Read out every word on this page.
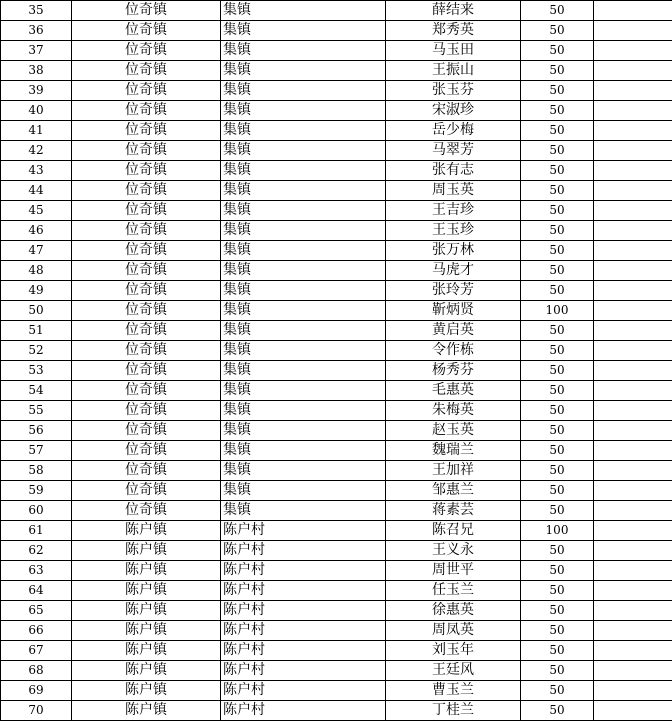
35	位奇镇	集镇	薛结来	50	
36	位奇镇	集镇	郑秀英	50	
37	位奇镇	集镇	马玉田	50	
38	位奇镇	集镇	王振山	50	
39	位奇镇	集镇	张玉芬	50	
40	位奇镇	集镇	宋淑珍	50	
41	位奇镇	集镇	岳少梅	50	
42	位奇镇	集镇	马翠芳	50	
43	位奇镇	集镇	张有志	50	
44	位奇镇	集镇	周玉英	50	
45	位奇镇	集镇	王吉珍	50	
46	位奇镇	集镇	王玉珍	50	
47	位奇镇	集镇	张万林	50	
48	位奇镇	集镇	马虎才	50	
49	位奇镇	集镇	张玲芳	50	
50	位奇镇	集镇	靳炳贤	100	
51	位奇镇	集镇	黄启英	50	
52	位奇镇	集镇	令作栋	50	
53	位奇镇	集镇	杨秀芬	50	
54	位奇镇	集镇	毛惠英	50	
55	位奇镇	集镇	朱梅英	50	
56	位奇镇	集镇	赵玉英	50	
57	位奇镇	集镇	魏瑞兰	50	
58	位奇镇	集镇	王加祥	50	
59	位奇镇	集镇	邹惠兰	50	
60	位奇镇	集镇	蒋素芸	50	
61	陈户镇	陈户村	陈召兄	100	
62	陈户镇	陈户村	王义永	50	
63	陈户镇	陈户村	周世平	50	
64	陈户镇	陈户村	任玉兰	50	
65	陈户镇	陈户村	徐惠英	50	
66	陈户镇	陈户村	周凤英	50	
67	陈户镇	陈户村	刘玉年	50	
68	陈户镇	陈户村	王廷风	50	
69	陈户镇	陈户村	曹玉兰	50	
70	陈户镇	陈户村	丁桂兰	50	
